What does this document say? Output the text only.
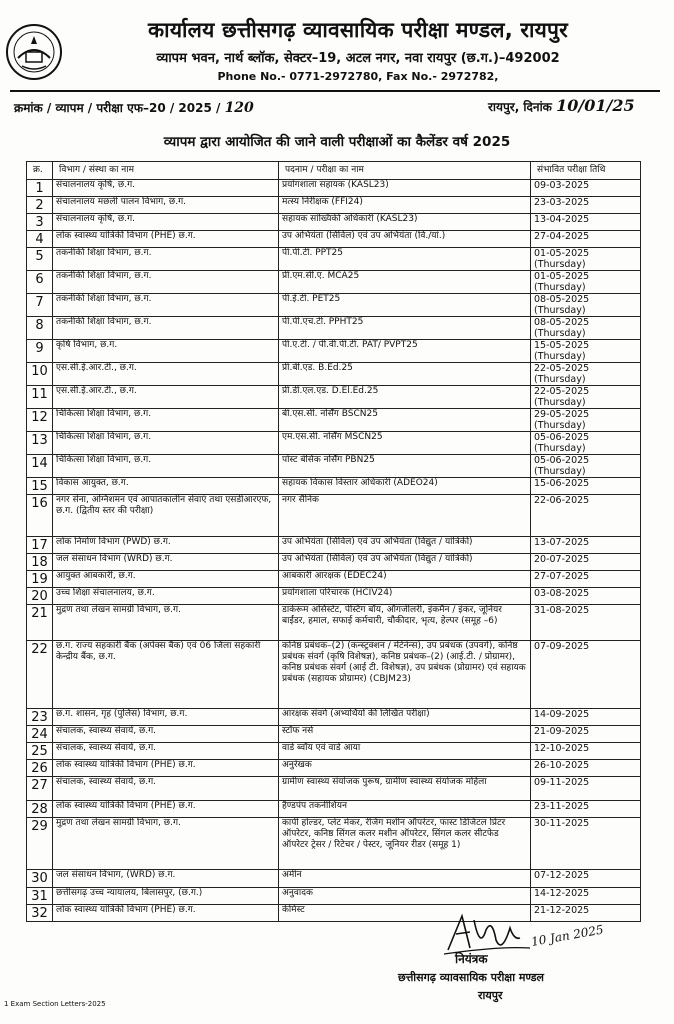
कार्यालय छत्तीसगढ़ व्यावसायिक परीक्षा मण्डल, रायपुर
व्यापम भवन, नार्थ ब्लॉक, सेक्टर–19, अटल नगर, नवा रायपुर (छ.ग.)–492002
Phone No.- 0771-2972780, Fax No.- 2972782,
क्रमांक / व्यापम / परीक्षा एफ–20 / 2025 / 120	रायपुर, दिनांक 10/01/25
व्यापम द्वारा आयोजित की जाने वाली परीक्षाओं का कैलेंडर वर्ष 2025
क्र.	विभाग / संस्था का नाम	पदनाम / परीक्षा का नाम	संभावित परीक्षा तिथि
1	संचालनालय कृषि, छ.ग.	प्रयोगशाला सहायक (KASL23)	09-03-2025
2	संचालनालय मछली पालन विभाग, छ.ग.	मत्स्य निरीक्षक (FFI24)	23-03-2025
3	संचालनालय कृषि, छ.ग.	सहायक सांख्यिकी अधिकारी (KASL23)	13-04-2025
4	लोक स्वास्थ्य यांत्रिकी विभाग (PHE) छ.ग.	उप अभियंता (सिविल) एवं उप अभियंता (वि./यां.)	27-04-2025
5	तकनीकी शिक्षा विभाग, छ.ग.	पी.पी.टी. PPT25	01-05-2025 (Thursday)
6	तकनीकी शिक्षा विभाग, छ.ग.	प्री.एम.सी.ए. MCA25	01-05-2025 (Thursday)
7	तकनीकी शिक्षा विभाग, छ.ग.	पी.ई.टी. PET25	08-05-2025 (Thursday)
8	तकनीकी शिक्षा विभाग, छ.ग.	पी.पी.एच.टी. PPHT25	08-05-2025 (Thursday)
9	कृषि विभाग, छ.ग.	पी.ए.टी. / पी.वी.पी.टी. PAT/ PVPT25	15-05-2025 (Thursday)
10	एस.सी.ई.आर.टी., छ.ग.	प्री.बी.एड. B.Ed.25	22-05-2025 (Thursday)
11	एस.सी.ई.आर.टी., छ.ग.	प्री.डी.एल.एड. D.El.Ed.25	22-05-2025 (Thursday)
12	चिकित्सा शिक्षा विभाग, छ.ग.	बी.एस.सी. नर्सिंग BSCN25	29-05-2025 (Thursday)
13	चिकित्सा शिक्षा विभाग, छ.ग.	एम.एस.सी. नर्सिंग MSCN25	05-06-2025 (Thursday)
14	चिकित्सा शिक्षा विभाग, छ.ग.	पोस्ट बेसिक नर्सिंग PBN25	05-06-2025 (Thursday)
15	विकास आयुक्त, छ.ग.	सहायक विकास विस्तार अधिकारी (ADEO24)	15-06-2025
16	नगर सेना, अग्निशमन एवं आपातकालीन सेवाएं तथा एसडीआरएफ, छ.ग. (द्वितीय स्तर की परीक्षा)	नगर सैनिक	22-06-2025
17	लोक निर्माण विभाग (PWD) छ.ग.	उप अभियंता (सिविल) एवं उप अभियंता (विद्युत / यांत्रिकी)	13-07-2025
18	जल संसाधन विभाग (WRD) छ.ग.	उप अभियंता (सिविल) एवं उप अभियंता (विद्युत / यांत्रिकी)	20-07-2025
19	आयुक्त आबकारी, छ.ग.	आबकारी आरक्षक (EDEC24)	27-07-2025
20	उच्च शिक्षा संचालनालय, छ.ग.	प्रयोगशाला परिचारक (HCIV24)	03-08-2025
21	मुद्रण तथा लेखन सामग्री विभाग, छ.ग.	डार्करूम असिस्टेंट, पेस्टिंग बॉय, ऑगजीलरी, इंकमैन / इंकर, जूनियर बाईंडर, हमाल, सफाई कर्मचारी, चौकीदार, भृत्य, हेल्पर (समूह –6)	31-08-2025
22	छ.ग. राज्य सहकारी बैंक (अपेक्स बैंक) एवं 06 जिला सहकारी केन्द्रीय बैंक, छ.ग.	कनिष्ठ प्रबंधक–(2) (कन्स्ट्रक्शन / मेंटेनेन्स), उप प्रबंधक (उपवर्ग), कनिष्ठ प्रबंधक संवर्ग (कृषि विशेषज्ञ), कनिष्ठ प्रबंधक–(2) (आई.टी. / प्रोग्रामर), कनिष्ठ प्रबंधक संवर्ग (आई टी. विशेषज्ञ), उप प्रबंधक (प्रोग्रामर) एवं सहायक प्रबंधक (सहायक प्रोग्रामर) (CBJM23)	07-09-2025
23	छ.ग. शासन, गृह (पुलिस) विभाग, छ.ग.	आरक्षक संवर्ग (अभ्यर्थियों की लिखित परीक्षा)	14-09-2025
24	संचालक, स्वास्थ्य सेवायें, छ.ग.	स्टॉफ नर्स	21-09-2025
25	संचालक, स्वास्थ्य सेवायें, छ.ग.	वार्ड ब्वॉय एवं वार्ड आया	12-10-2025
26	लोक स्वास्थ्य यांत्रिकी विभाग (PHE) छ.ग.	अनुरेखक	26-10-2025
27	संचालक, स्वास्थ्य सेवायें, छ.ग.	ग्रामीण स्वास्थ्य संयोजक पुरूष, ग्रामीण स्वास्थ्य संयोजक महिला	09-11-2025
28	लोक स्वास्थ्य यांत्रिकी विभाग (PHE) छ.ग.	हैण्डपंप तकनीशियन	23-11-2025
29	मुद्रण तथा लेखन सामग्री विभाग, छ.ग.	कापी होल्डर, प्लेट मेकर, रेंजिंग मशीन ऑपरेटर, फास्ट डिजिटल प्रिंटर ऑपरेटर, कनिष्ठ सिंगल कलर मशीन ऑपरेटर, सिंगल कलर सीटफेड ऑपरेटर ट्रेसर / रिटेचर / पेस्टर, जूनियर रीडर (समूह 1)	30-11-2025
30	जल संसाधन विभाग, (WRD) छ.ग.	अमीन	07-12-2025
31	छत्तीसगढ़ उच्च न्यायालय, बिलासपुर, (छ.ग.)	अनुवादक	14-12-2025
32	लोक स्वास्थ्य यांत्रिकी विभाग (PHE) छ.ग.	केमिस्ट	21-12-2025
10 Jan 2025
नियंत्रक
छत्तीसगढ़ व्यावसायिक परीक्षा मण्डल
रायपुर
1 Exam Section Letters-2025
